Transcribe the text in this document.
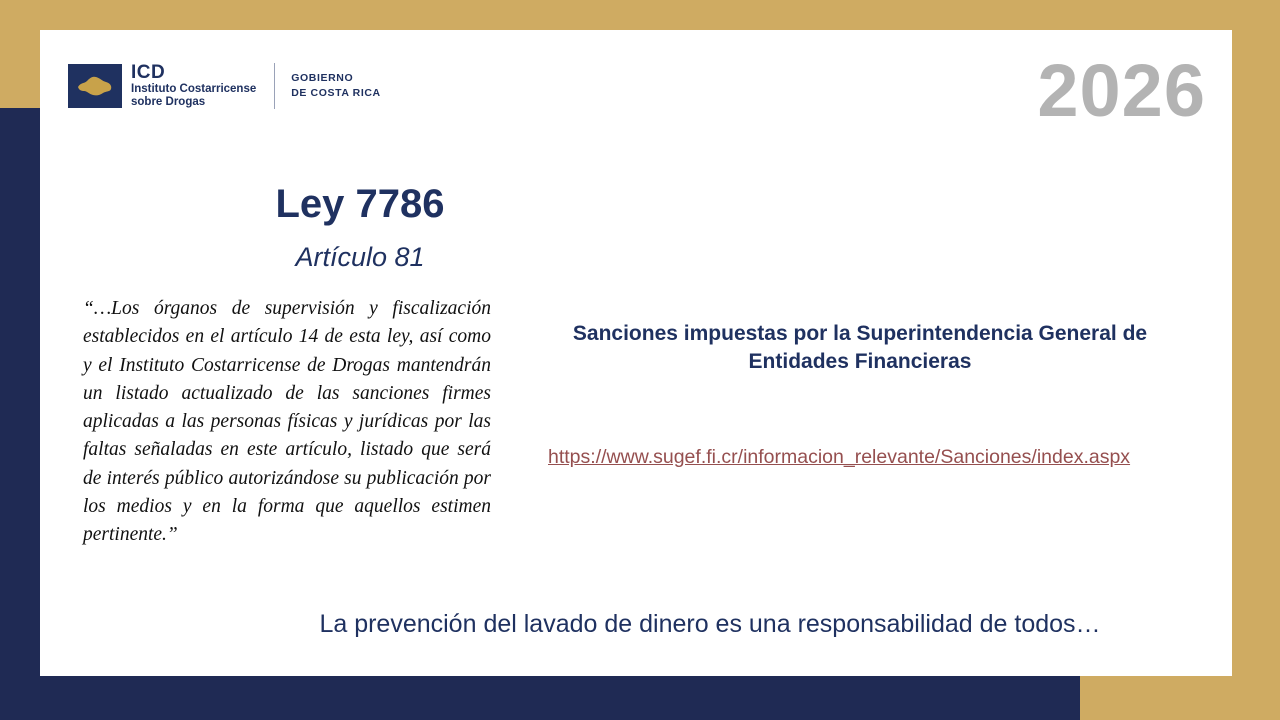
ICD
Instituto Costarricense
sobre Drogas
GOBIERNO
DE COSTA RICA	2026
Ley 7786
Artículo 81
“…Los órganos de supervisión y fiscalización establecidos en el artículo 14 de esta ley, así como y el Instituto Costarricense de Drogas mantendrán un listado actualizado de las sanciones firmes aplicadas a las personas físicas y jurídicas por las faltas señaladas en este artículo, listado que será de interés público autorizándose su publicación por los medios y en la forma que aquellos estimen pertinente.”
Sanciones impuestas por la Superintendencia General de Entidades Financieras
https://www.sugef.fi.cr/informacion_relevante/Sanciones/index.aspx
La prevención del lavado de dinero es una responsabilidad de todos…
